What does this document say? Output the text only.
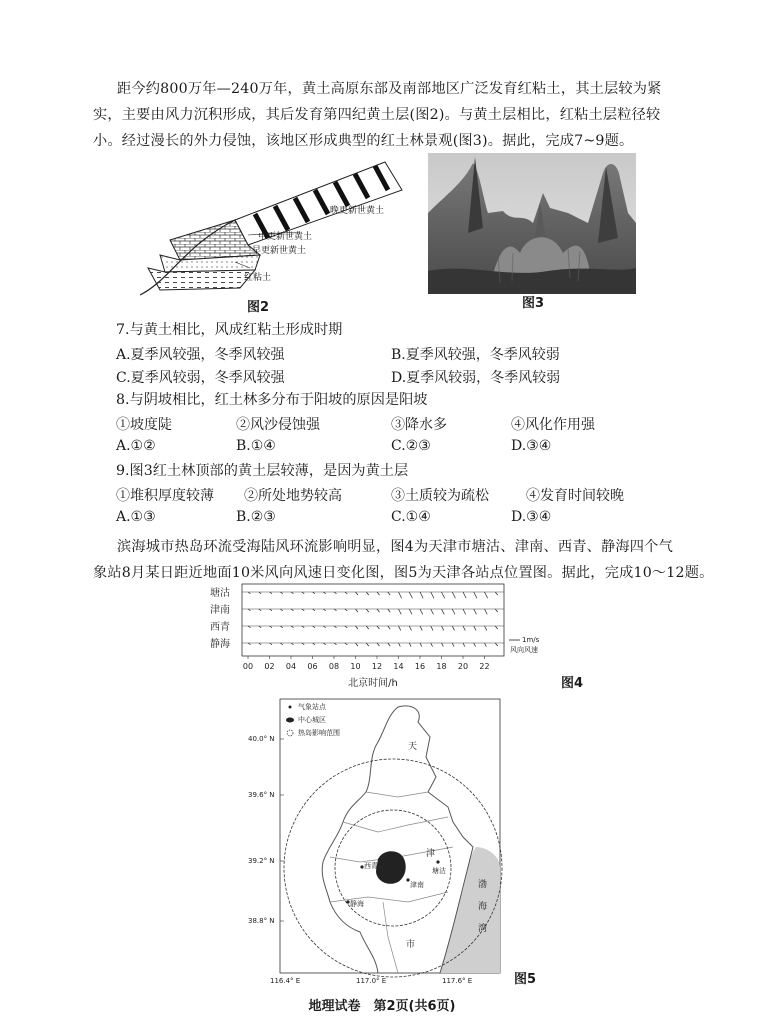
距今约800万年—240万年，黄土高原东部及南部地区广泛发育红粘土，其土层较为紧
实，主要由风力沉积形成，其后发育第四纪黄土层(图2)。与黄土层相比，红粘土层粒径较
小。经过漫长的外力侵蚀，该地区形成典型的红土林景观(图3)。据此，完成7~9题。
晚更新世黄土
中更新世黄土
早更新世黄土
红粘土
图2	图3
7.与黄土相比，风成红粘土形成时期
A.夏季风较强，冬季风较强	B.夏季风较强，冬季风较弱
C.夏季风较弱，冬季风较强	D.夏季风较弱，冬季风较弱
8.与阴坡相比，红土林多分布于阳坡的原因是阳坡
①坡度陡	②风沙侵蚀强	③降水多	④风化作用强
A.①②	B.①④	C.②③	D.③④
9.图3红土林顶部的黄土层较薄，是因为黄土层
①堆积厚度较薄 ②所处地势较高	③土质较为疏松	④发育时间较晚
A.①③	B.②③	C.①④	D.③④
滨海城市热岛环流受海陆风环流影响明显，图4为天津市塘沽、津南、西青、静海四个气
象站8月某日距近地面10米风向风速日变化图，图5为天津各站点位置图。据此，完成10～12题。
塘沽
津南
西青
静海
00 02 04 06 08 10 12 14 16 18 20 22
北京时间/h
1m/s
风向风速
图4
天
津
西青
津南
静海
塘沽
渤
海
湾
市
气象站点
中心城区
热岛影响范围
40.0° N
39.6° N
39.2° N
38.8° N
116.4° E	117.0° E	117.6° E	图5
地理试卷　第2页(共6页)
